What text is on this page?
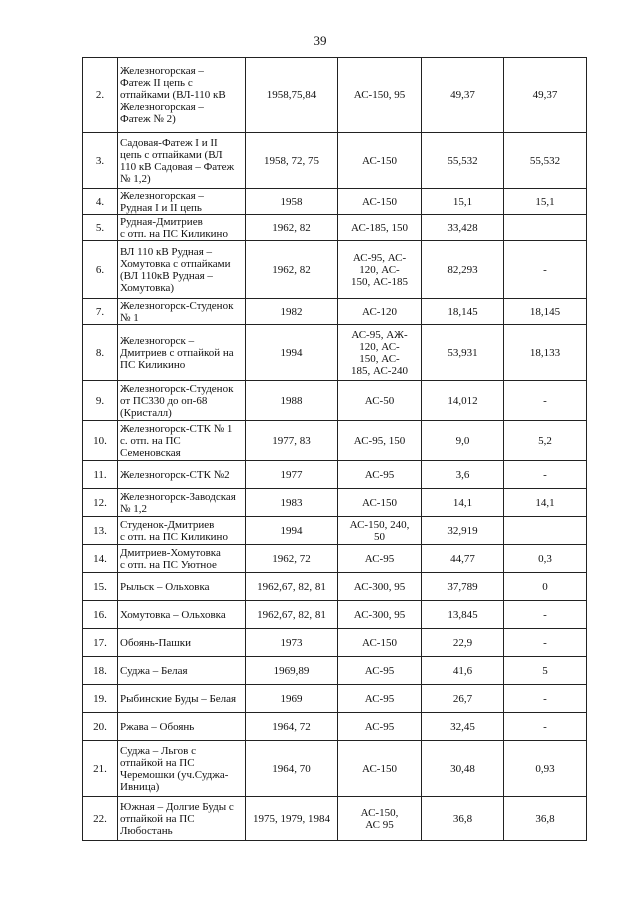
39
2.	Железногорская –
Фатеж II цепь с
отпайками (ВЛ-110 кВ
Железногорская –
Фатеж № 2)	1958,75,84	АС-150, 95	49,37	49,37
3.	Садовая-Фатеж I и II
цепь с отпайками (ВЛ
110 кВ Садовая – Фатеж
№ 1,2)	1958, 72, 75	АС-150	55,532	55,532
4.	Железногорская –
Рудная I и II цепь	1958	АС-150	15,1	15,1
5.	Рудная-Дмитриев
с отп. на ПС Киликино	1962, 82	АС-185, 150	33,428	
6.	ВЛ 110 кВ Рудная –
Хомутовка с отпайками
(ВЛ 110кВ Рудная –
Хомутовка)	1962, 82	АС-95, АС-
120, АС-
150, АС-185	82,293	-
7.	Железногорск-Студенок
№ 1	1982	АС-120	18,145	18,145
8.	Железногорск –
Дмитриев с отпайкой на
ПС Киликино	1994	АС-95, АЖ-
120, АС-
150, АС-
185, АС-240	53,931	18,133
9.	Железногорск-Студенок
от ПС330 до оп-68
(Кристалл)	1988	АС-50	14,012	-
10.	Железногорск-СТК № 1
с. отп. на ПС
Семеновская	1977, 83	АС-95, 150	9,0	5,2
11.	Железногорск-СТК №2	1977	АС-95	3,6	-
12.	Железногорск-Заводская
№ 1,2	1983	АС-150	14,1	14,1
13.	Студенок-Дмитриев
с отп. на ПС Киликино	1994	АС-150, 240,
50	32,919	
14.	Дмитриев-Хомутовка
с отп. на ПС Уютное	1962, 72	АС-95	44,77	0,3
15.	Рыльск – Ольховка	1962,67, 82, 81	АС-300, 95	37,789	0
16.	Хомутовка – Ольховка	1962,67, 82, 81	АС-300, 95	13,845	-
17.	Обоянь-Пашки	1973	АС-150	22,9	-
18.	Суджа – Белая	1969,89	АС-95	41,6	5
19.	Рыбинские Буды – Белая	1969	АС-95	26,7	-
20.	Ржава – Обоянь	1964, 72	АС-95	32,45	-
21.	Суджа – Льгов с
отпайкой на ПС
Черемошки (уч.Суджа-
Ивница)	1964, 70	АС-150	30,48	0,93
22.	Южная – Долгие Буды с
отпайкой на ПС
Любостань	1975, 1979, 1984	АС-150,
АС 95	36,8	36,8
